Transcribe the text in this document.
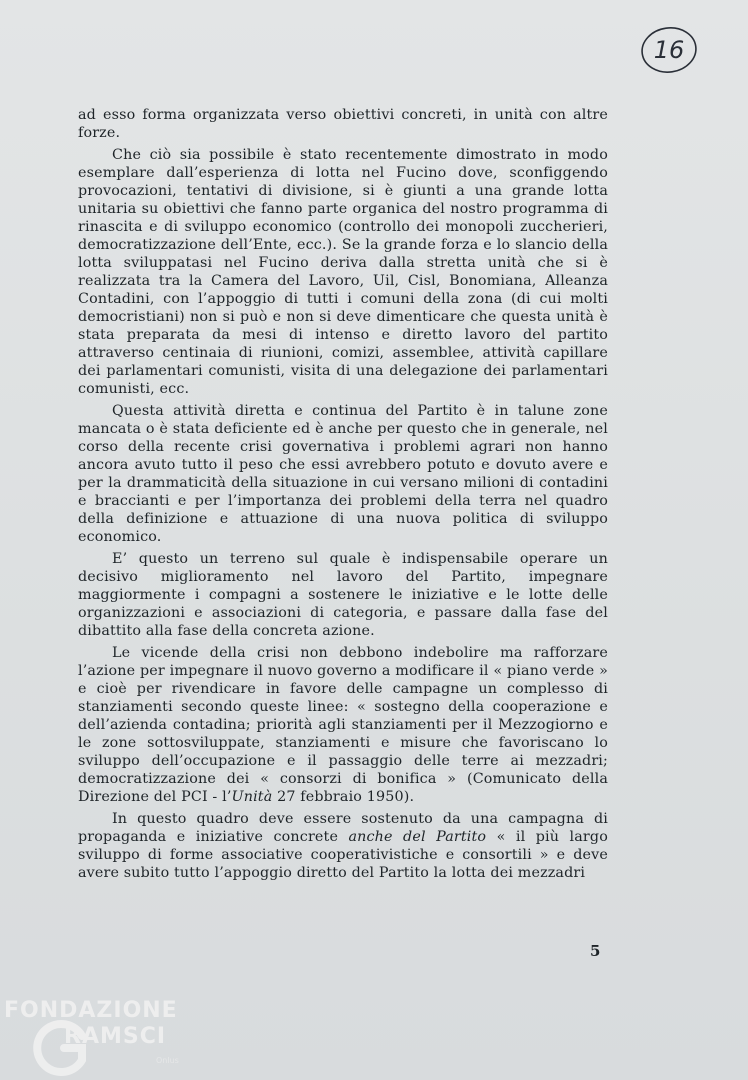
16

ad esso forma organizzata verso obiettivi concreti, in unità con altre forze.

Che ciò sia possibile è stato recentemente dimostrato in modo esemplare dall’esperienza di lotta nel Fucino dove, sconfiggendo provocazioni, tentativi di divisione, si è giunti a una grande lotta unitaria su obiettivi che fanno parte organica del nostro programma di rinascita e di sviluppo economico (controllo dei monopoli zuccherieri, democratizzazione dell’Ente, ecc.). Se la grande forza e lo slancio della lotta sviluppatasi nel Fucino deriva dalla stretta unità che si è realizzata tra la Camera del Lavoro, Uil, Cisl, Bonomiana, Alleanza Contadini, con l’appoggio di tutti i comuni della zona (di cui molti democristiani) non si può e non si deve dimenticare che questa unità è stata preparata da mesi di intenso e diretto lavoro del partito attraverso centinaia di riunioni, comizi, assemblee, attività capillare dei parlamentari comunisti, visita di una delegazione dei parlamentari comunisti, ecc.

Questa attività diretta e continua del Partito è in talune zone mancata o è stata deficiente ed è anche per questo che in generale, nel corso della recente crisi governativa i problemi agrari non hanno ancora avuto tutto il peso che essi avrebbero potuto e dovuto avere e per la drammaticità della situazione in cui versano milioni di contadini e braccianti e per l’importanza dei problemi della terra nel quadro della definizione e attuazione di una nuova politica di sviluppo economico.

E’ questo un terreno sul quale è indispensabile operare un decisivo miglioramento nel lavoro del Partito, impegnare maggiormente i compagni a sostenere le iniziative e le lotte delle organizzazioni e associazioni di categoria, e passare dalla fase del dibattito alla fase della concreta azione.

Le vicende della crisi non debbono indebolire ma rafforzare l’azione per impegnare il nuovo governo a modificare il « piano verde » e cioè per rivendicare in favore delle campagne un complesso di stanziamenti secondo queste linee: « sostegno della cooperazione e dell’azienda contadina; priorità agli stanziamenti per il Mezzogiorno e le zone sottosviluppate, stanziamenti e misure che favoriscano lo sviluppo dell’occupazione e il passaggio delle terre ai mezzadri; democratizzazione dei « consorzi di bonifica » (Comunicato della Direzione del PCI - l’Unità 27 febbraio 1950).

In questo quadro deve essere sostenuto da una campagna di propaganda e iniziative concrete anche del Partito « il più largo sviluppo di forme associative cooperativistiche e consortili » e deve avere subito tutto l’appoggio diretto del Partito la lotta dei mezzadri

5
FONDAZIONE
RAMSCI
Onlus
